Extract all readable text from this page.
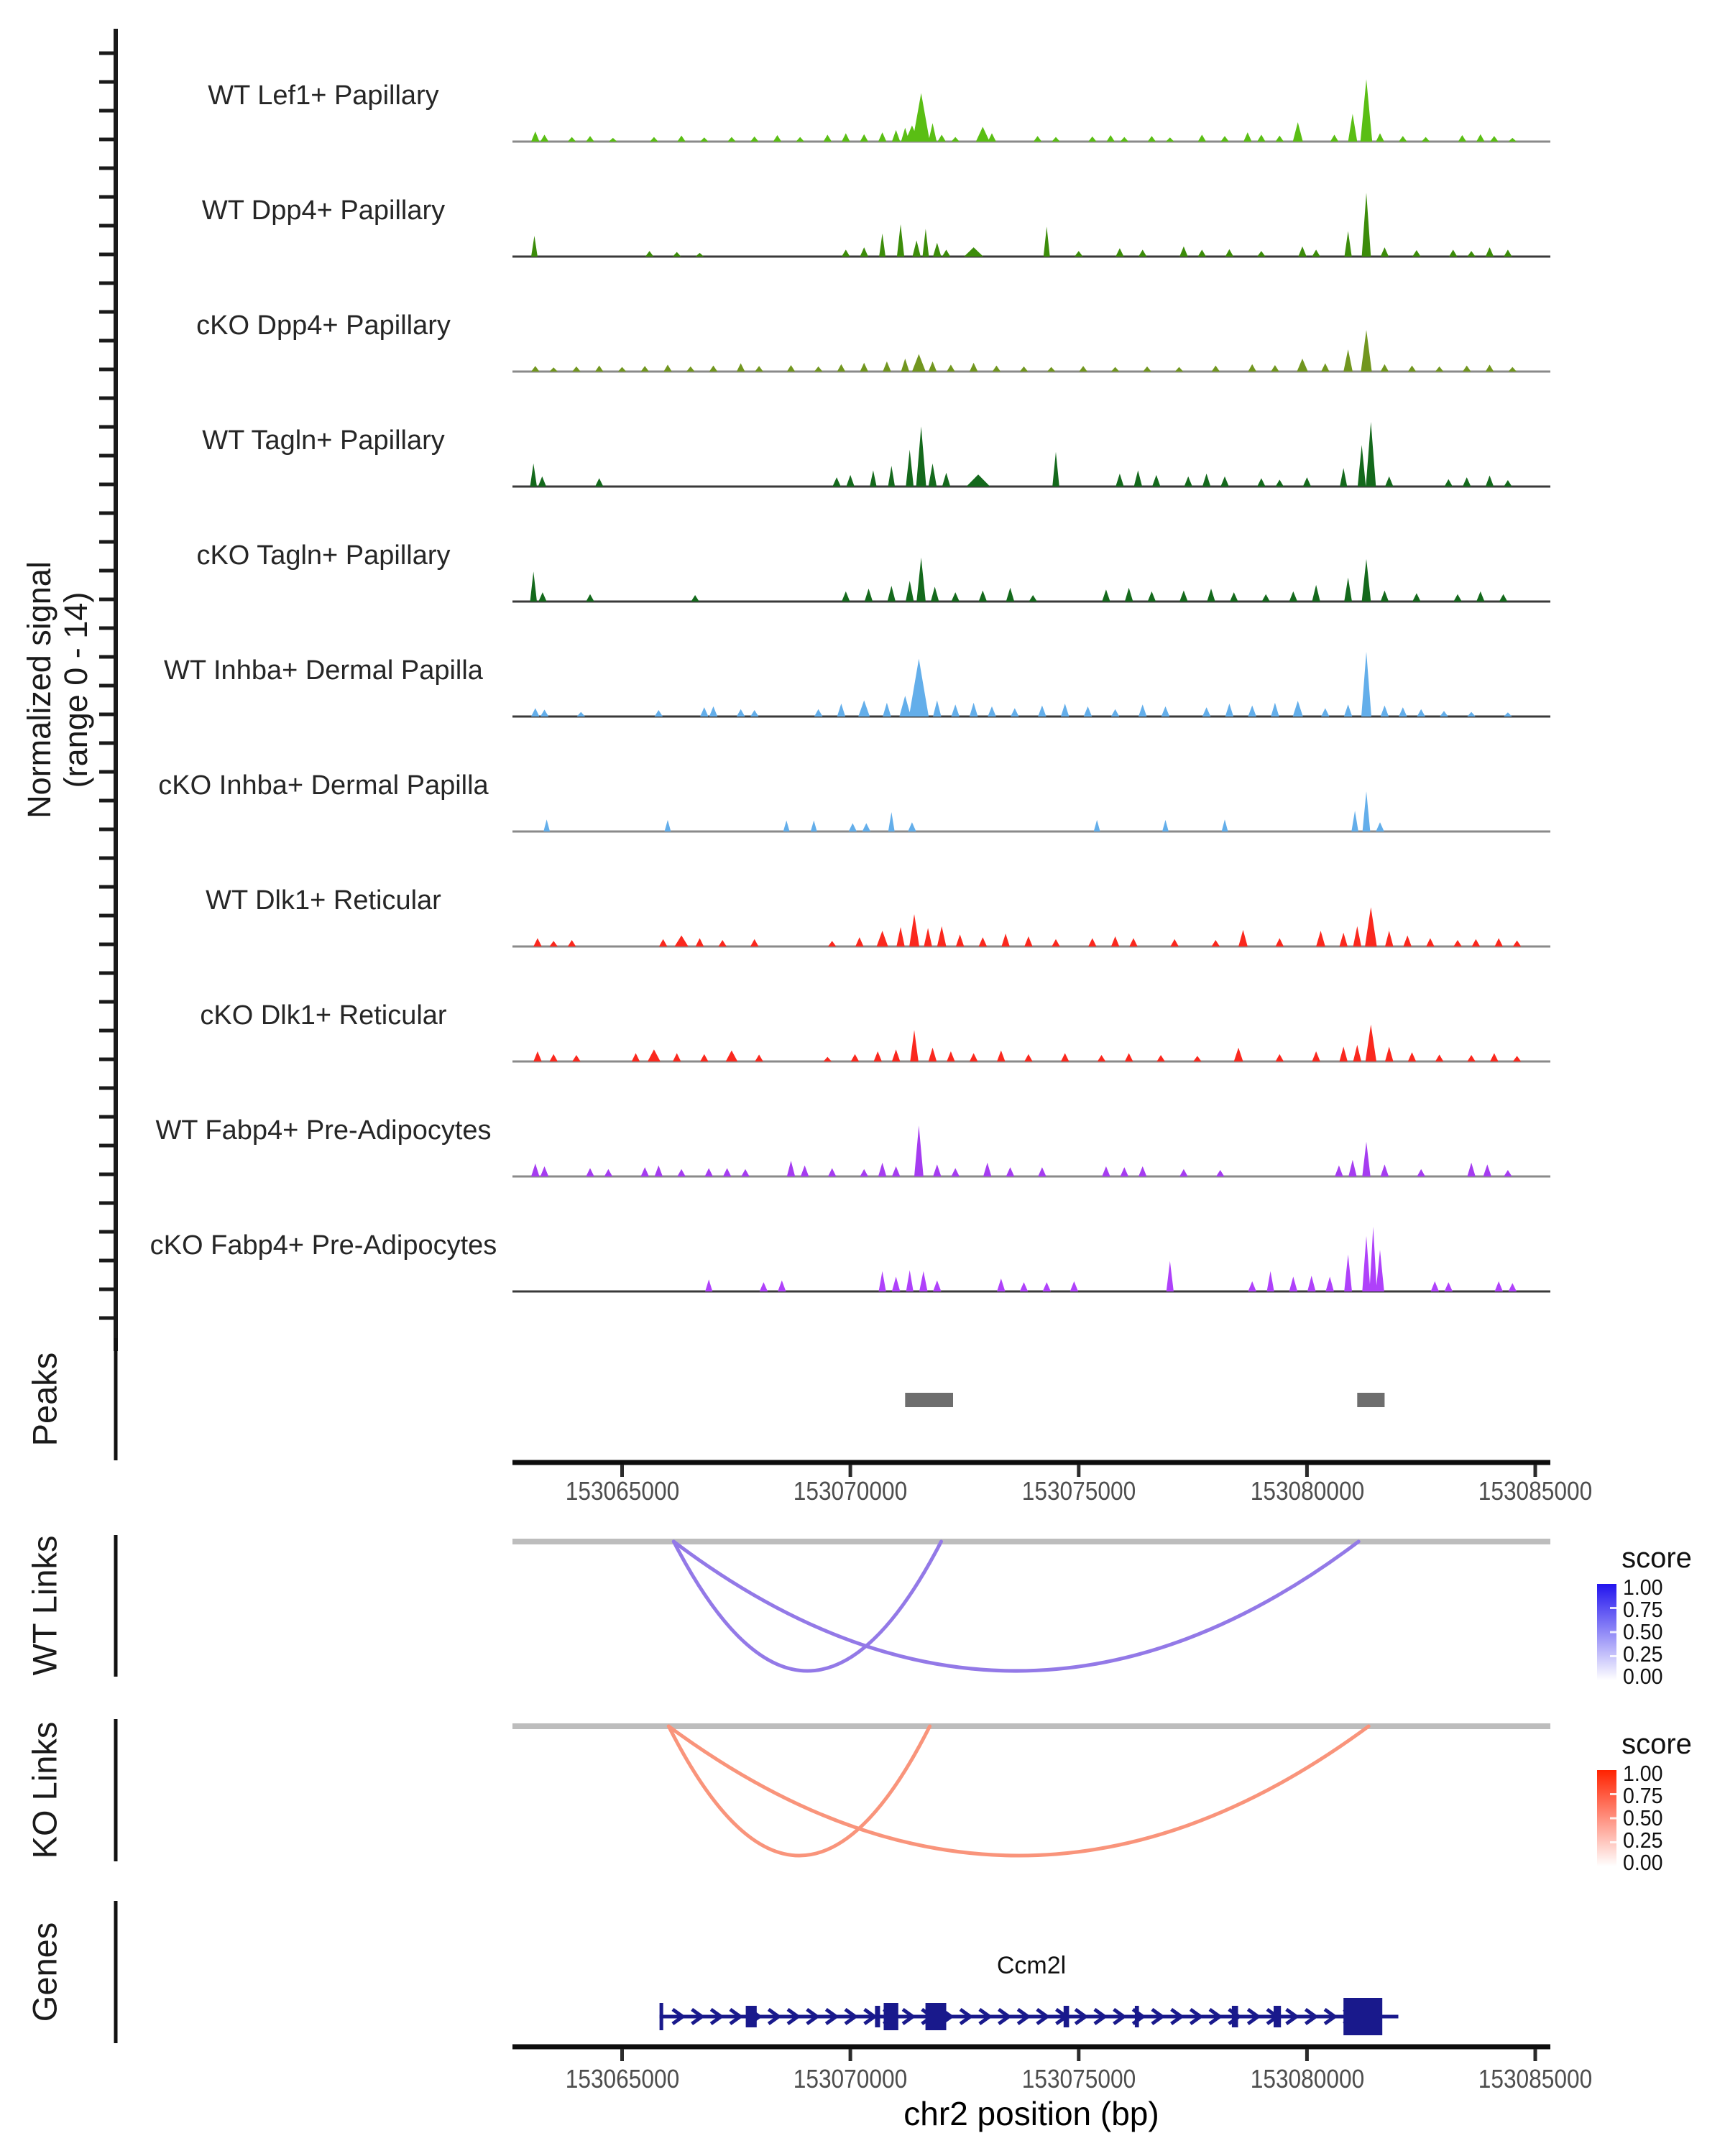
Normalized signal (range 0 - 14)
Peaks
WT Links
KO Links
Genes
WT Lef1+ Papillary
WT Dpp4+ Papillary
cKO Dpp4+ Papillary
WT Tagln+ Papillary
cKO Tagln+ Papillary
WT Inhba+ Dermal Papilla
cKO Inhba+ Dermal Papilla
WT Dlk1+ Reticular
cKO Dlk1+ Reticular
WT Fabp4+ Pre-Adipocytes
cKO Fabp4+ Pre-Adipocytes
153065000	153070000	153075000	153080000	153085000
score
1.00
0.75
0.50
0.25
0.00
score
1.00
0.75
0.50
0.25
0.00
Ccm2l
153065000	153070000	153075000	153080000	153085000
chr2 position (bp)
